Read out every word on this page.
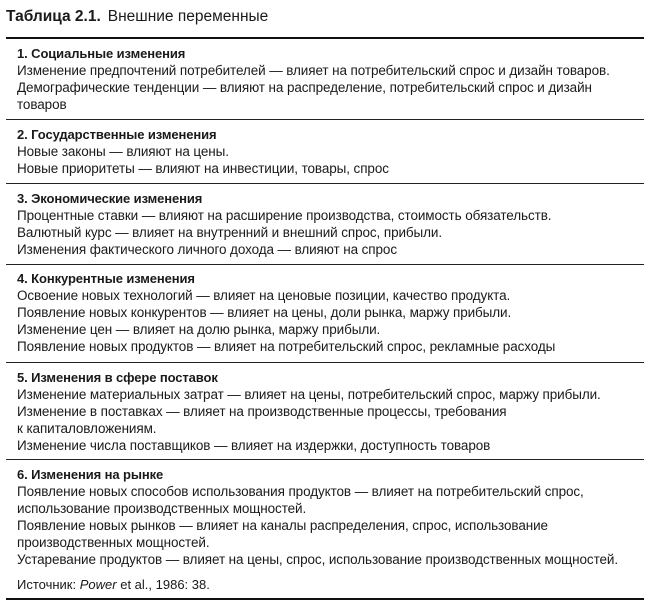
Таблица 2.1. Внешние переменные
1. Социальные изменения
Изменение предпочтений потребителей — влияет на потребительский спрос и дизайн товаров.
Демографические тенденции — влияют на распределение, потребительский спрос и дизайн
товаров
2. Государственные изменения
Новые законы — влияют на цены.
Новые приоритеты — влияют на инвестиции, товары, спрос
3. Экономические изменения
Процентные ставки — влияют на расширение производства, стоимость обязательств.
Валютный курс — влияет на внутренний и внешний спрос, прибыли.
Изменения фактического личного дохода — влияют на спрос
4. Конкурентные изменения
Освоение новых технологий — влияет на ценовые позиции, качество продукта.
Появление новых конкурентов — влияет на цены, доли рынка, маржу прибыли.
Изменение цен — влияет на долю рынка, маржу прибыли.
Появление новых продуктов — влияет на потребительский спрос, рекламные расходы
5. Изменения в сфере поставок
Изменение материальных затрат — влияет на цены, потребительский спрос, маржу прибыли.
Изменение в поставках — влияет на производственные процессы, требования
к капиталовложениям.
Изменение числа поставщиков — влияет на издержки, доступность товаров
6. Изменения на рынке
Появление новых способов использования продуктов — влияет на потребительский спрос,
использование производственных мощностей.
Появление новых рынков — влияет на каналы распределения, спрос, использование
производственных мощностей.
Устаревание продуктов — влияет на цены, спрос, использование производственных мощностей.
Источник: Power et al., 1986: 38.
